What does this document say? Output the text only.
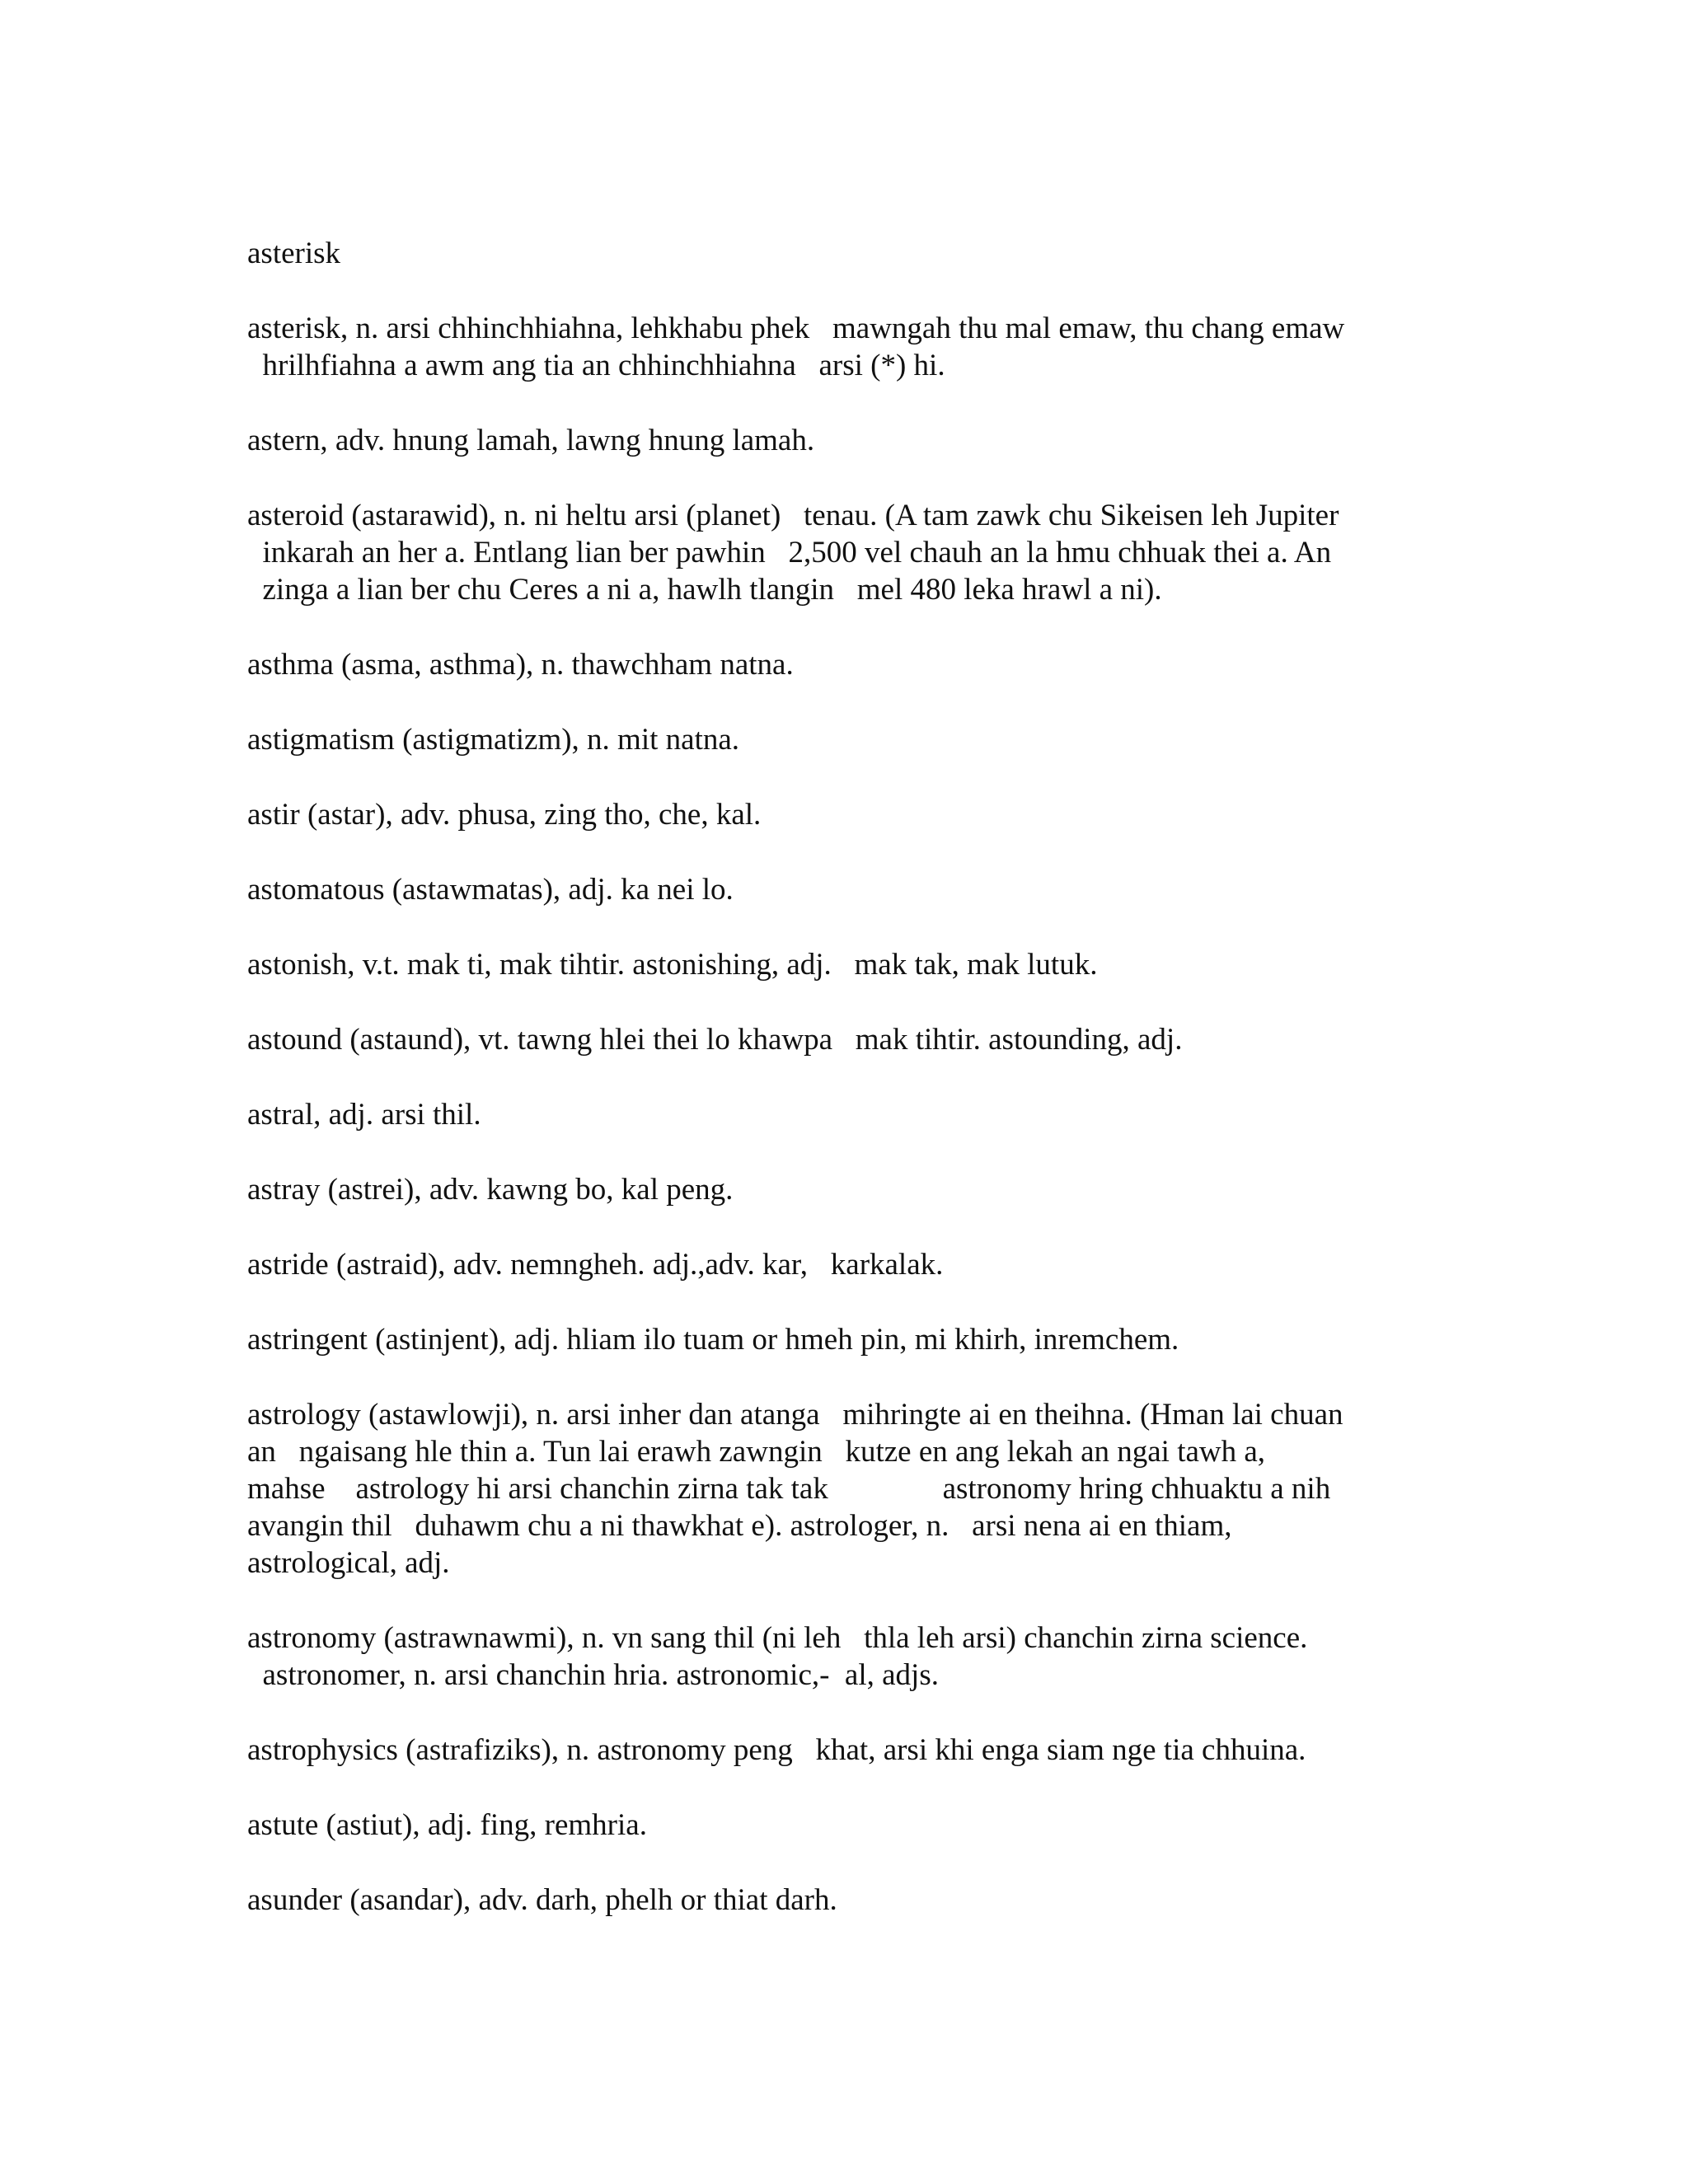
asterisk
asterisk, n. arsi chhinchhiahna, lehkhabu phek   mawngah thu mal emaw, thu chang emaw
hrilhfiahna a awm ang tia an chhinchhiahna   arsi (*) hi.
astern, adv. hnung lamah, lawng hnung lamah.
asteroid (astarawid), n. ni heltu arsi (planet)   tenau. (A tam zawk chu Sikeisen leh Jupiter
inkarah an her a. Entlang lian ber pawhin   2,500 vel chauh an la hmu chhuak thei a. An
zinga a lian ber chu Ceres a ni a, hawlh tlangin   mel 480 leka hrawl a ni).
asthma (asma, asthma), n. thawchham natna.
astigmatism (astigmatizm), n. mit natna.
astir (astar), adv. phusa, zing tho, che, kal.
astomatous (astawmatas), adj. ka nei lo.
astonish, v.t. mak ti, mak tihtir. astonishing, adj.   mak tak, mak lutuk.
astound (astaund), vt. tawng hlei thei lo khawpa   mak tihtir. astounding, adj.
astral, adj. arsi thil.
astray (astrei), adv. kawng bo, kal peng.
astride (astraid), adv. nemngheh. adj.,adv. kar,   karkalak.
astringent (astinjent), adj. hliam ilo tuam or hmeh pin, mi khirh, inremchem.
astrology (astawlowji), n. arsi inher dan atanga   mihringte ai en theihna. (Hman lai chuan
an   ngaisang hle thin a. Tun lai erawh zawngin   kutze en ang lekah an ngai tawh a,
mahse    astrology hi arsi chanchin zirna tak tak               astronomy hring chhuaktu a nih
avangin thil   duhawm chu a ni thawkhat e). astrologer, n.   arsi nena ai en thiam,
astrological, adj.
astronomy (astrawnawmi), n. vn sang thil (ni leh   thla leh arsi) chanchin zirna science.
astronomer, n. arsi chanchin hria. astronomic,-  al, adjs.
astrophysics (astrafiziks), n. astronomy peng   khat, arsi khi enga siam nge tia chhuina.
astute (astiut), adj. fing, remhria.
asunder (asandar), adv. darh, phelh or thiat darh.
